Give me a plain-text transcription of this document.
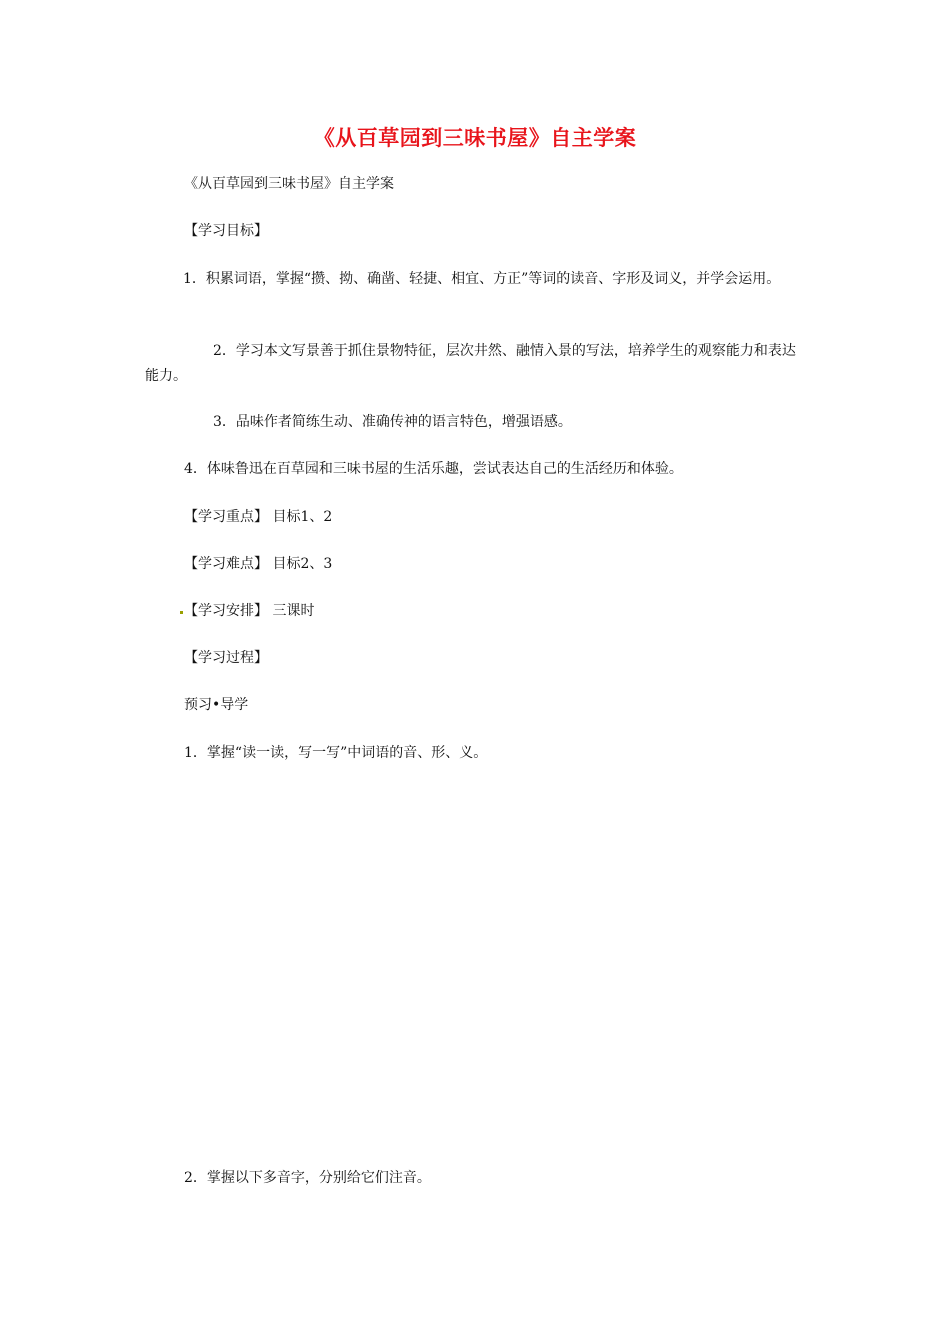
《从百草园到三味书屋》自主学案
《从百草园到三味书屋》自主学案
【学习目标】
1．积累词语，掌握“攒、拗、确凿、轻捷、相宜、方正”等词的读音、字形及词义，并学会运用。
2．学习本文写景善于抓住景物特征，层次井然、融情入景的写法，培养学生的观察能力和表达能力。
3．品味作者简练生动、准确传神的语言特色，增强语感。
4．体味鲁迅在百草园和三味书屋的生活乐趣，尝试表达自己的生活经历和体验。
【学习重点】 目标1、2
【学习难点】 目标2、3
【学习安排】 三课时
【学习过程】
预习•导学
1．掌握“读一读，写一写”中词语的音、形、义。
2．掌握以下多音字，分别给它们注音。
